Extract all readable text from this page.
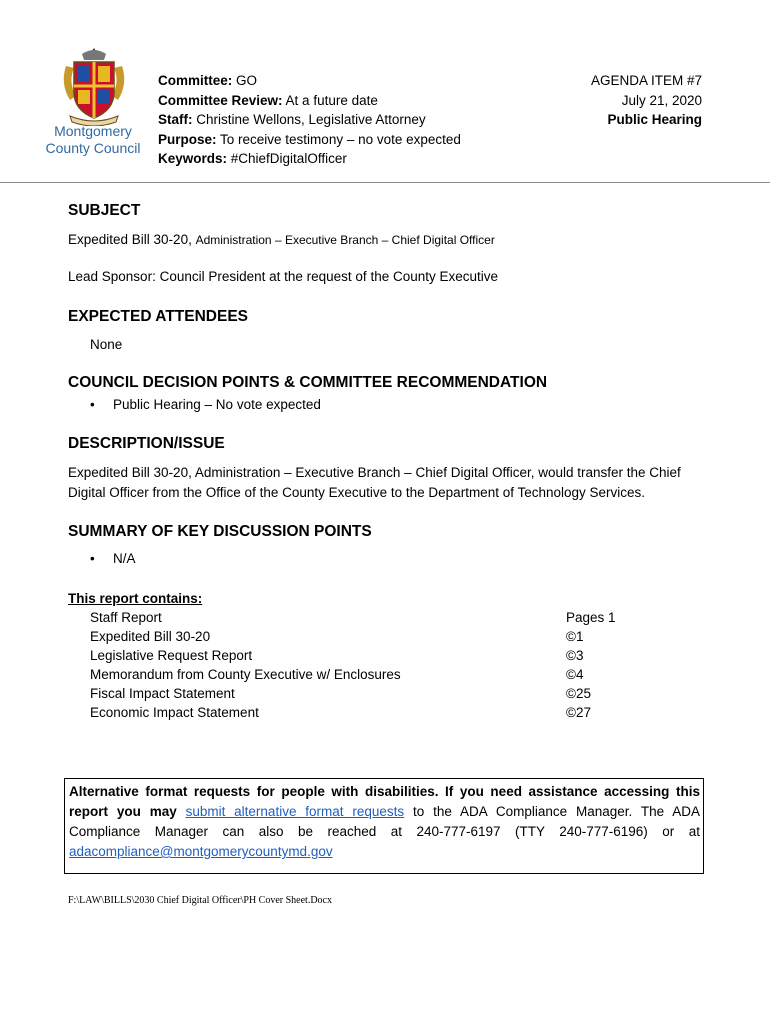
Montgomery
County Council
Committee: GO
Committee Review: At a future date
Staff: Christine Wellons, Legislative Attorney
Purpose: To receive testimony – no vote expected
Keywords: #ChiefDigitalOfficer
AGENDA ITEM #7
July 21, 2020
Public Hearing
SUBJECT
Expedited Bill 30-20, Administration – Executive Branch – Chief Digital Officer
Lead Sponsor: Council President at the request of the County Executive
EXPECTED ATTENDEES
None
COUNCIL DECISION POINTS & COMMITTEE RECOMMENDATION
• Public Hearing – No vote expected
DESCRIPTION/ISSUE
Expedited Bill 30-20, Administration – Executive Branch – Chief Digital Officer, would transfer the Chief
Digital Officer from the Office of the County Executive to the Department of Technology Services.
SUMMARY OF KEY DISCUSSION POINTS
• N/A
This report contains:
Staff Report
Expedited Bill 30-20
Legislative Request Report
Memorandum from County Executive w/ Enclosures
Fiscal Impact Statement
Economic Impact Statement
Pages 1
©1
©3
©4
©25
©27
Alternative format requests for people with disabilities. If you need assistance accessing this report you may submit alternative format requests to the ADA Compliance Manager. The ADA Compliance Manager can also be reached at 240-777-6197 (TTY 240-777-6196) or at adacompliance@montgomerycountymd.gov
F:\LAW\BILLS\2030 Chief Digital Officer\PH Cover Sheet.Docx
